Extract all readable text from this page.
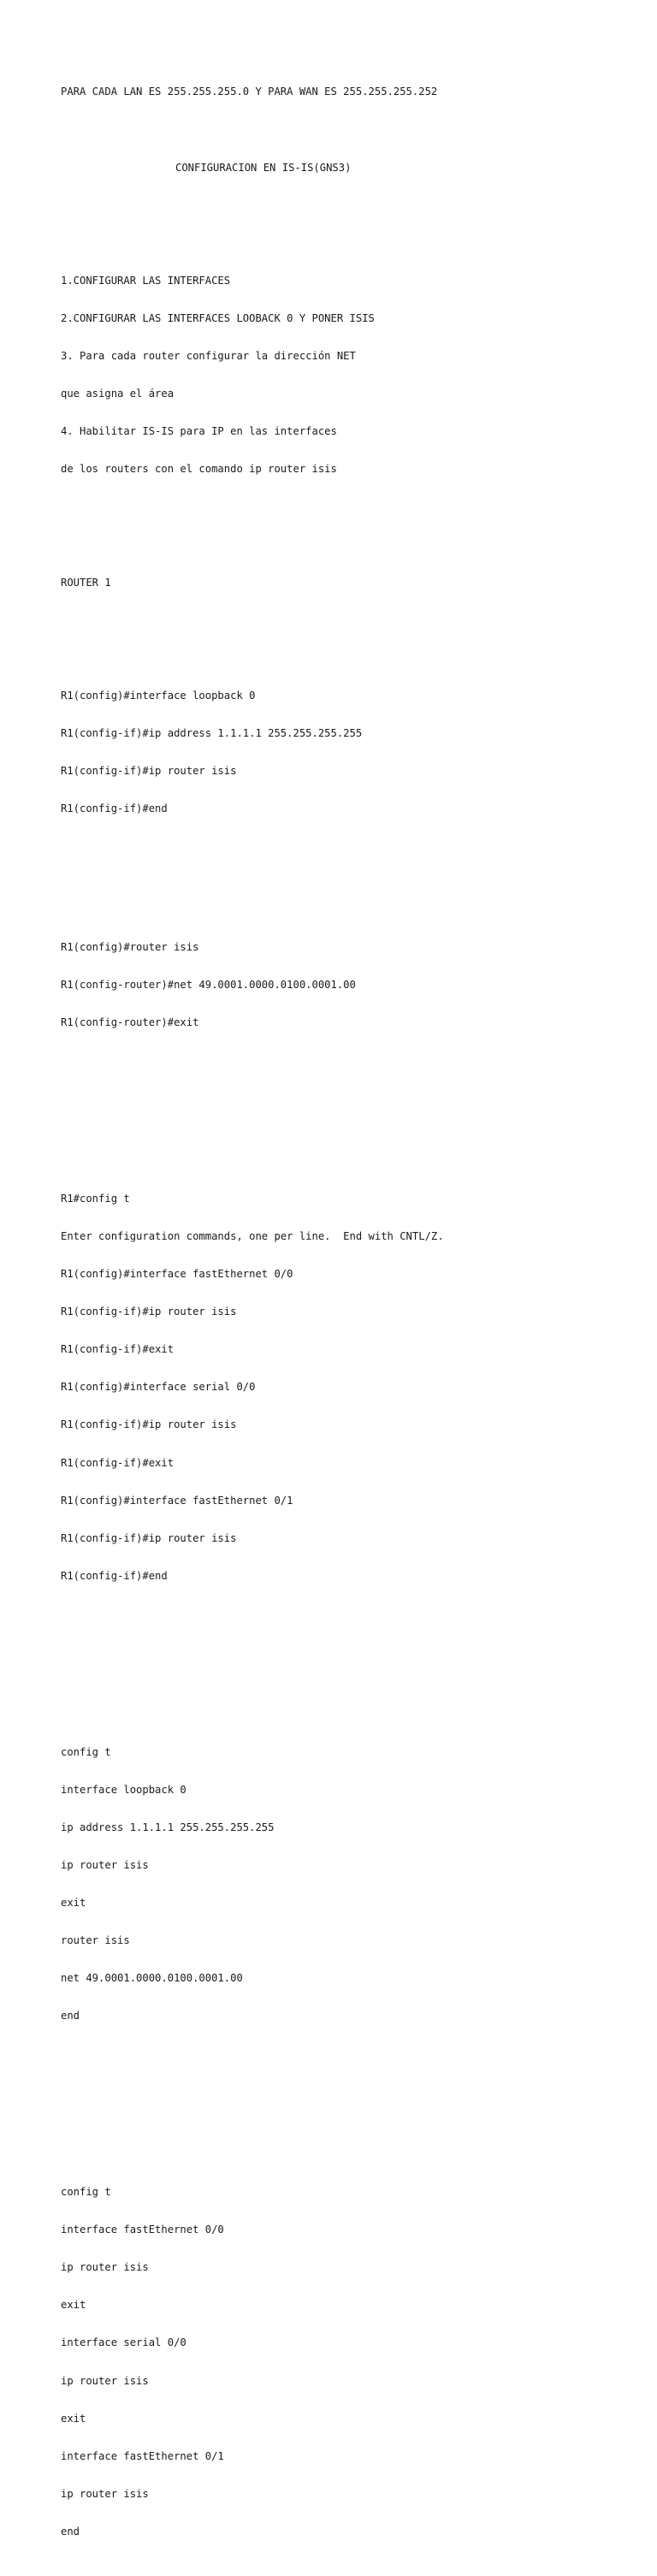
PARA CADA LAN ES 255.255.255.0 Y PARA WAN ES 255.255.255.252

CONFIGURACION EN IS-IS(GNS3)

1.CONFIGURAR LAS INTERFACES

2.CONFIGURAR LAS INTERFACES LOOBACK 0 Y PONER ISIS

3. Para cada router configurar la dirección NET

que asigna el área

4. Habilitar IS-IS para IP en las interfaces

de los routers con el comando ip router isis

ROUTER 1

R1(config)#interface loopback 0

R1(config-if)#ip address 1.1.1.1 255.255.255.255

R1(config-if)#ip router isis

R1(config-if)#end

R1(config)#router isis

R1(config-router)#net 49.0001.0000.0100.0001.00

R1(config-router)#exit

R1#config t

Enter configuration commands, one per line.  End with CNTL/Z.

R1(config)#interface fastEthernet 0/0

R1(config-if)#ip router isis

R1(config-if)#exit

R1(config)#interface serial 0/0

R1(config-if)#ip router isis

R1(config-if)#exit

R1(config)#interface fastEthernet 0/1

R1(config-if)#ip router isis

R1(config-if)#end

config t

interface loopback 0

ip address 1.1.1.1 255.255.255.255

ip router isis

exit

router isis

net 49.0001.0000.0100.0001.00

end

config t

interface fastEthernet 0/0

ip router isis

exit

interface serial 0/0

ip router isis

exit

interface fastEthernet 0/1

ip router isis

end
